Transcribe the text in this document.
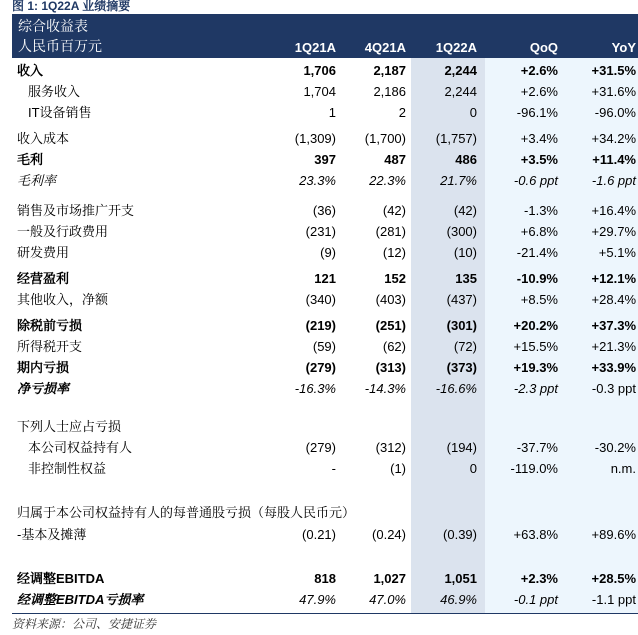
图 1: 1Q22A 业绩摘要
综合收益表
人民币百万元	1Q21A	4Q21A	1Q22A	QoQ	YoY
收入	1,706	2,187	2,244	+2.6%	+31.5%
服务收入	1,704	2,186	2,244	+2.6%	+31.6%
IT设备销售	1	2	0	-96.1%	-96.0%
收入成本	(1,309)	(1,700)	(1,757)	+3.4%	+34.2%
毛利	397	487	486	+3.5%	+11.4%
毛利率	23.3%	22.3%	21.7%	-0.6 ppt	-1.6 ppt
销售及市场推广开支	(36)	(42)	(42)	-1.3%	+16.4%
一般及行政费用	(231)	(281)	(300)	+6.8%	+29.7%
研发费用	(9)	(12)	(10)	-21.4%	+5.1%
经营盈利	121	152	135	-10.9%	+12.1%
其他收入，净额	(340)	(403)	(437)	+8.5%	+28.4%
除税前亏损	(219)	(251)	(301)	+20.2%	+37.3%
所得税开支	(59)	(62)	(72)	+15.5%	+21.3%
期内亏损	(279)	(313)	(373)	+19.3%	+33.9%
净亏损率	-16.3%	-14.3%	-16.6%	-2.3 ppt	-0.3 ppt
下列人士应占亏损
本公司权益持有人	(279)	(312)	(194)	-37.7%	-30.2%
非控制性权益	-	(1)	0	-119.0%	n.m.
归属于本公司权益持有人的每普通股亏损（每股人民币元）
-基本及摊薄	(0.21)	(0.24)	(0.39)	+63.8%	+89.6%
经调整EBITDA	818	1,027	1,051	+2.3%	+28.5%
经调整EBITDA亏损率	47.9%	47.0%	46.9%	-0.1 ppt	-1.1 ppt
资料来源：公司、安捷证券
